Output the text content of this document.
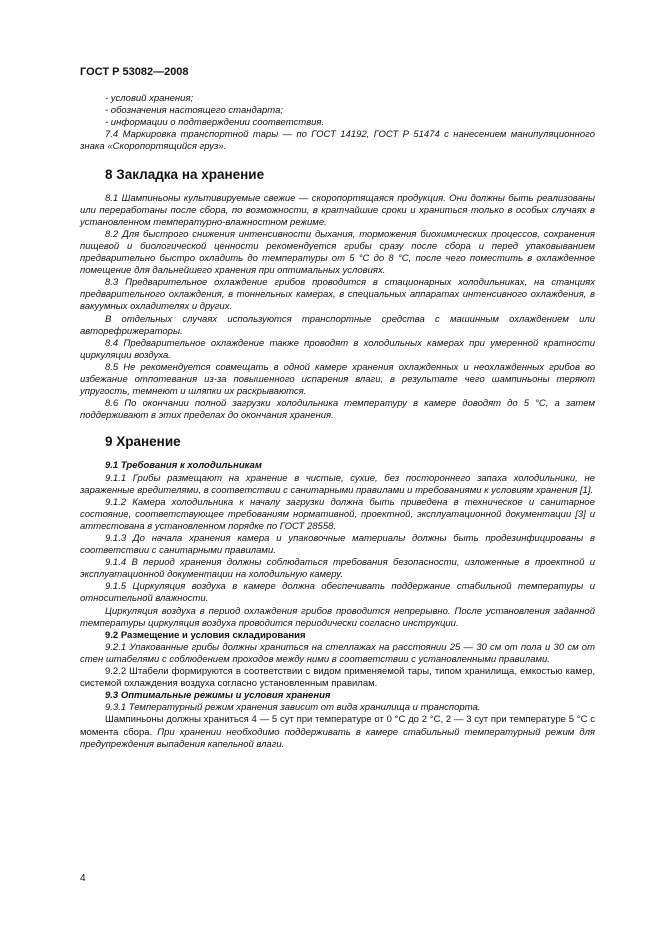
ГОСТ Р 53082—2008

- условий хранения;

- обозначения настоящего стандарта;

- информации о подтверждении соответствия.

7.4 Маркировка транспортной тары — по ГОСТ 14192, ГОСТ Р 51474 с нанесением манипуляционного знака «Скоропортящийся груз».

8 Закладка на хранение

8.1 Шампиньоны культивируемые свежие — скоропортящаяся продукция. Они должны быть реализованы или переработаны после сбора, по возможности, в кратчайшие сроки и храниться только в особых случаях в установленном температурно-влажностном режиме.

8.2 Для быстрого снижения интенсивности дыхания, торможения биохимических процессов, сохранения пищевой и биологической ценности рекомендуется грибы сразу после сбора и перед упаковыванием предварительно быстро охладить до температуры от 5 °С до 8 °С, после чего поместить в охлажденное помещение для дальнейшего хранения при оптимальных условиях.

8.3 Предварительное охлаждение грибов проводится в стационарных холодильниках, на станциях предварительного охлаждения, в тоннельных камерах, в специальных аппаратах интенсивного охлаждения, в вакуумных охладителях и других.

В отдельных случаях используются транспортные средства с машинным охлаждением или авторефрижераторы.

8.4 Предварительное охлаждение также проводят в холодильных камерах при умеренной кратности циркуляции воздуха.

8.5 Не рекомендуется совмещать в одной камере хранения охлажденных и неохлажденных грибов во избежание отпотевания из-за повышенного испарения влаги, в результате чего шампиньоны теряют упругость, темнеют и шляпки их раскрываются.

8.6 По окончании полной загрузки холодильника температуру в камере доводят до 5 °С, а затем поддерживают в этих пределах до окончания хранения.

9 Хранение

9.1 Требования к холодильникам

9.1.1 Грибы размещают на хранение в чистые, сухие, без постороннего запаха холодильники, не зараженные вредителями, в соответствии с санитарными правилами и требованиями к условиям хранения [1].

9.1.2 Камера холодильника к началу загрузки должна быть приведена в техническое и санитарное состояние, соответствующее требованиям нормативной, проектной, эксплуатационной документации [3] и аттестована в установленном порядке по ГОСТ 28558.

9.1.3 До начала хранения камера и упаковочные материалы должны быть продезинфицированы в соответствии с санитарными правилами.

9.1.4 В период хранения должны соблюдаться требования безопасности, изложенные в проектной и эксплуатационной документации на холодильную камеру.

9.1.5 Циркуляция воздуха в камере должна обеспечивать поддержание стабильной температуры и относительной влажности.

Циркуляция воздуха в период охлаждения грибов проводится непрерывно. После установления заданной температуры циркуляция воздуха проводится периодически согласно инструкции.

9.2 Размещение и условия складирования

9.2.1 Упакованные грибы должны храниться на стеллажах на расстоянии 25 — 30 см от пола и 30 см от стен штабелями с соблюдением проходов между ними в соответствии с установленными правилами.

9.2.2 Штабели формируются в соответствии с видом применяемой тары, типом хранилища, емкостью камер, системой охлаждения воздуха согласно установленным правилам.

9.3 Оптимальные режимы и условия хранения

9.3.1 Температурный режим хранения зависит от вида хранилища и транспорта.

Шампиньоны должны храниться 4 — 5 сут при температуре от 0 °С до 2 °С, 2 — 3 сут при температуре 5 °С с момента сбора. При хранении необходимо поддерживать в камере стабильный температурный режим для предупреждения выпадения капельной влаги.

4
